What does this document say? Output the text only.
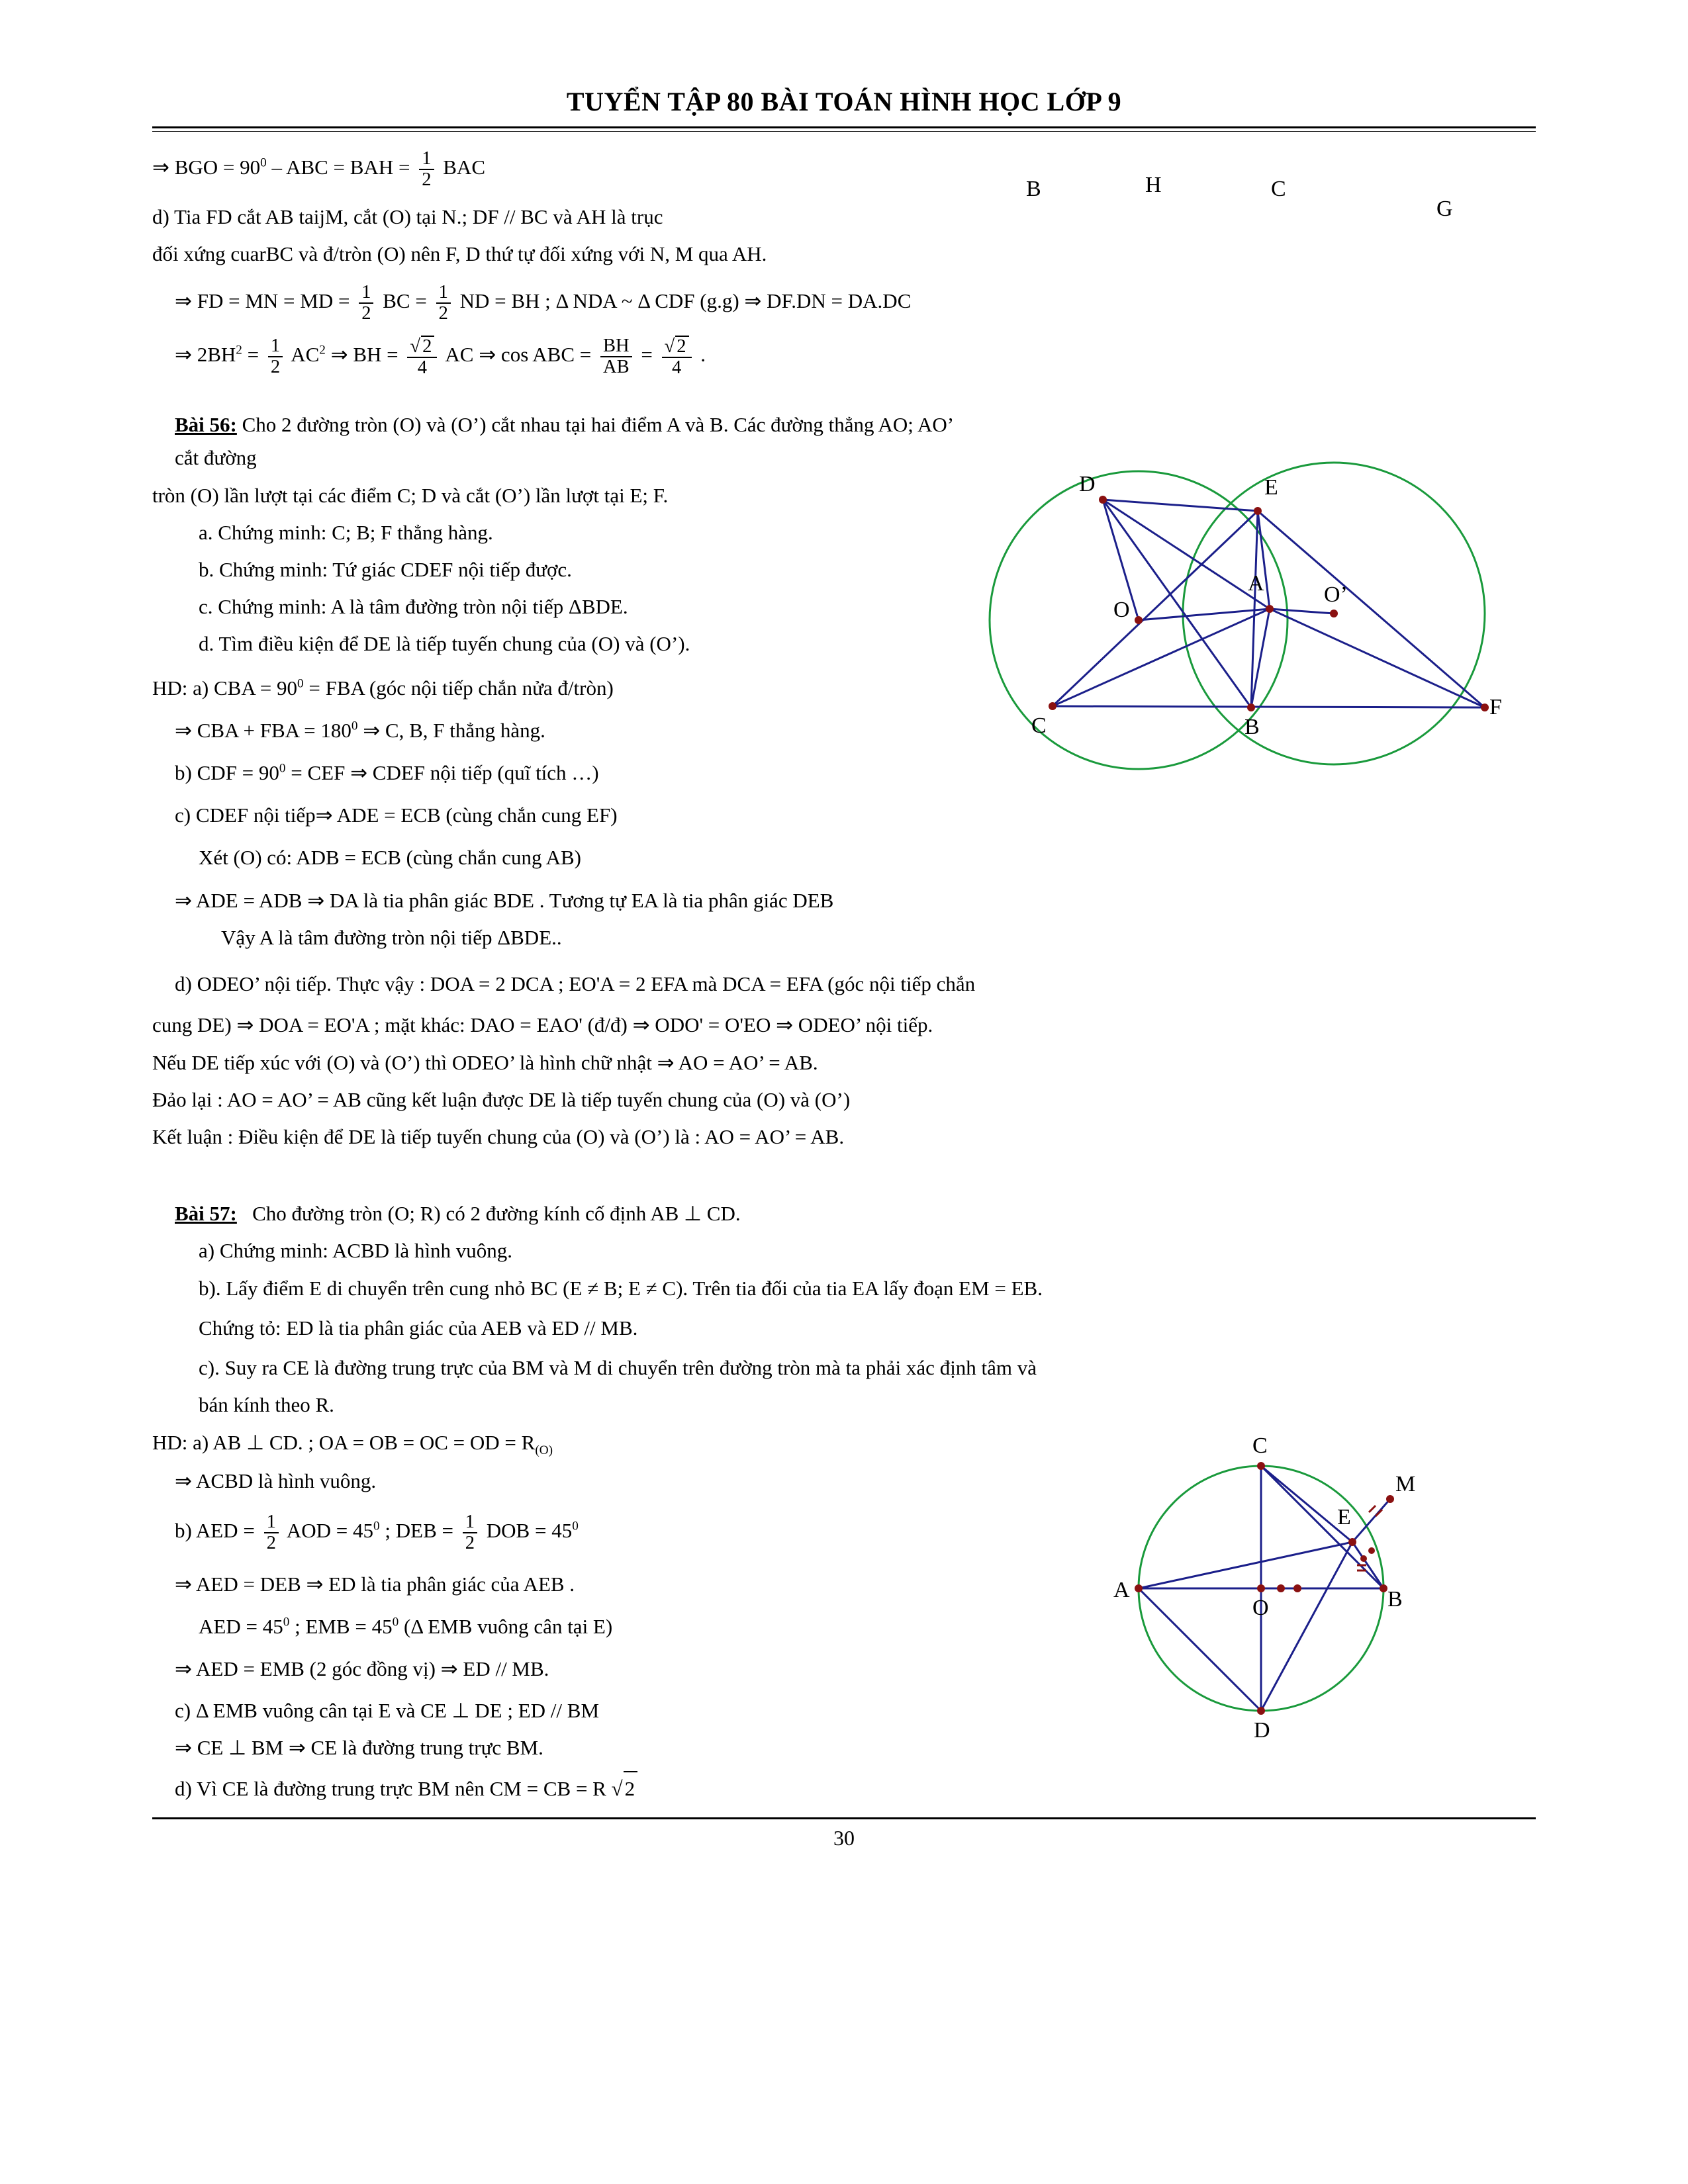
TUYỂN TẬP 80 BÀI TOÁN HÌNH HỌC LỚP 9
⇒ BGO = $90^0$ – ABC = BAH = $\frac{1}{2}$ BAC
d) Tia FD cắt AB taijM, cắt (O) tại N.; DF // BC và AH là trục
đối xứng cuarBC và đ/tròn (O) nên F, D thứ tự đối xứng với N, M qua AH.
⇒ FD = MN = MD = $\frac{1}{2}$ BC = $\frac{1}{2}$ ND = BH ; Δ NDA ~ Δ CDF (g.g) ⇒ DF.DN = DA.DC
⇒ $2BH^2 = \frac{1}{2} AC^2$ ⇒ BH = $\frac{√ 2}{4}$ AC ⇒ cos ABC = $\frac{BH}{AB} = \frac{√ 2}{4}$ .
B	H	C
G
Bài 56: Cho 2 đường tròn (O) và (O’) cắt nhau tại hai điểm A và B. Các đường thẳng AO; AO’ cắt đường
tròn (O) lần lượt tại các điểm C; D và cắt (O’) lần lượt tại E; F.
a. Chứng minh: C; B; F thẳng hàng.
b. Chứng minh: Tứ giác CDEF nội tiếp được.
c. Chứng minh: A là tâm đường tròn nội tiếp ΔBDE.
d. Tìm điều kiện để DE là tiếp tuyến chung của (O) và (O’).
HD: a) CBA = $90^0$ = FBA (góc nội tiếp chắn nửa đ/tròn)
⇒ CBA + FBA = $180^0$ ⇒ C, B, F thẳng hàng.
b) CDF = $90^0$ = CEF ⇒ CDEF nội tiếp (quĩ tích …)
c) CDEF nội tiếp⇒ ADE = ECB (cùng chắn cung EF)
Xét (O) có: ADB = ECB (cùng chắn cung AB)
E
D
A
O
O’
C	B
F
⇒ ADE = ADB ⇒ DA là tia phân giác BDE . Tương tự EA là tia phân giác DEB
Vậy A là tâm đường tròn nội tiếp ΔBDE..
d) ODEO’ nội tiếp. Thực vậy : DOA = 2 DCA ; EO'A = 2 EFA mà DCA = EFA (góc nội tiếp chắn
cung DE) ⇒ DOA = EO'A ; mặt khác: DAO = EAO' (đ/đ) ⇒ ODO' = O'EO ⇒ ODEO’ nội tiếp.
Nếu DE tiếp xúc với (O) và (O’) thì ODEO’ là hình chữ nhật ⇒ AO = AO’ = AB.
Đảo lại : AO = AO’ = AB cũng kết luận được DE là tiếp tuyến chung của (O) và (O’)
Kết luận : Điều kiện để DE là tiếp tuyến chung của (O) và (O’) là : AO = AO’ = AB.
Bài 57: Cho đường tròn (O; R) có 2 đường kính cố định AB ⊥ CD.
a) Chứng minh: ACBD là hình vuông.
b). Lấy điểm E di chuyển trên cung nhỏ BC (E ≠ B; E ≠ C). Trên tia đối của tia EA lấy đoạn EM = EB.
Chứng tỏ: ED là tia phân giác của AEB và ED // MB.
c). Suy ra CE là đường trung trực của BM và M di chuyển trên đường tròn mà ta phải xác định tâm và
bán kính theo R.
HD: a) AB ⊥ CD. ; OA = OB = OC = OD = $R_{(O)}$
⇒ ACBD là hình vuông.
b) AED = $\frac{1}{2}$ AOD = $45^0$ ; DEB = $\frac{1}{2}$ DOB = $45^0$
⇒ AED = DEB ⇒ ED là tia phân giác của AEB .
AED = $45^0$ ; EMB = $45^0$ (Δ EMB vuông cân tại E)
⇒ AED = EMB (2 góc đồng vị) ⇒ ED // MB.
c) Δ EMB vuông cân tại E và CE ⊥ DE ; ED // BM
⇒ CE ⊥ BM ⇒ CE là đường trung trực BM.
d) Vì CE là đường trung trực BM nên CM = CB = R √2
C
E
M
A	B
O
D
30
